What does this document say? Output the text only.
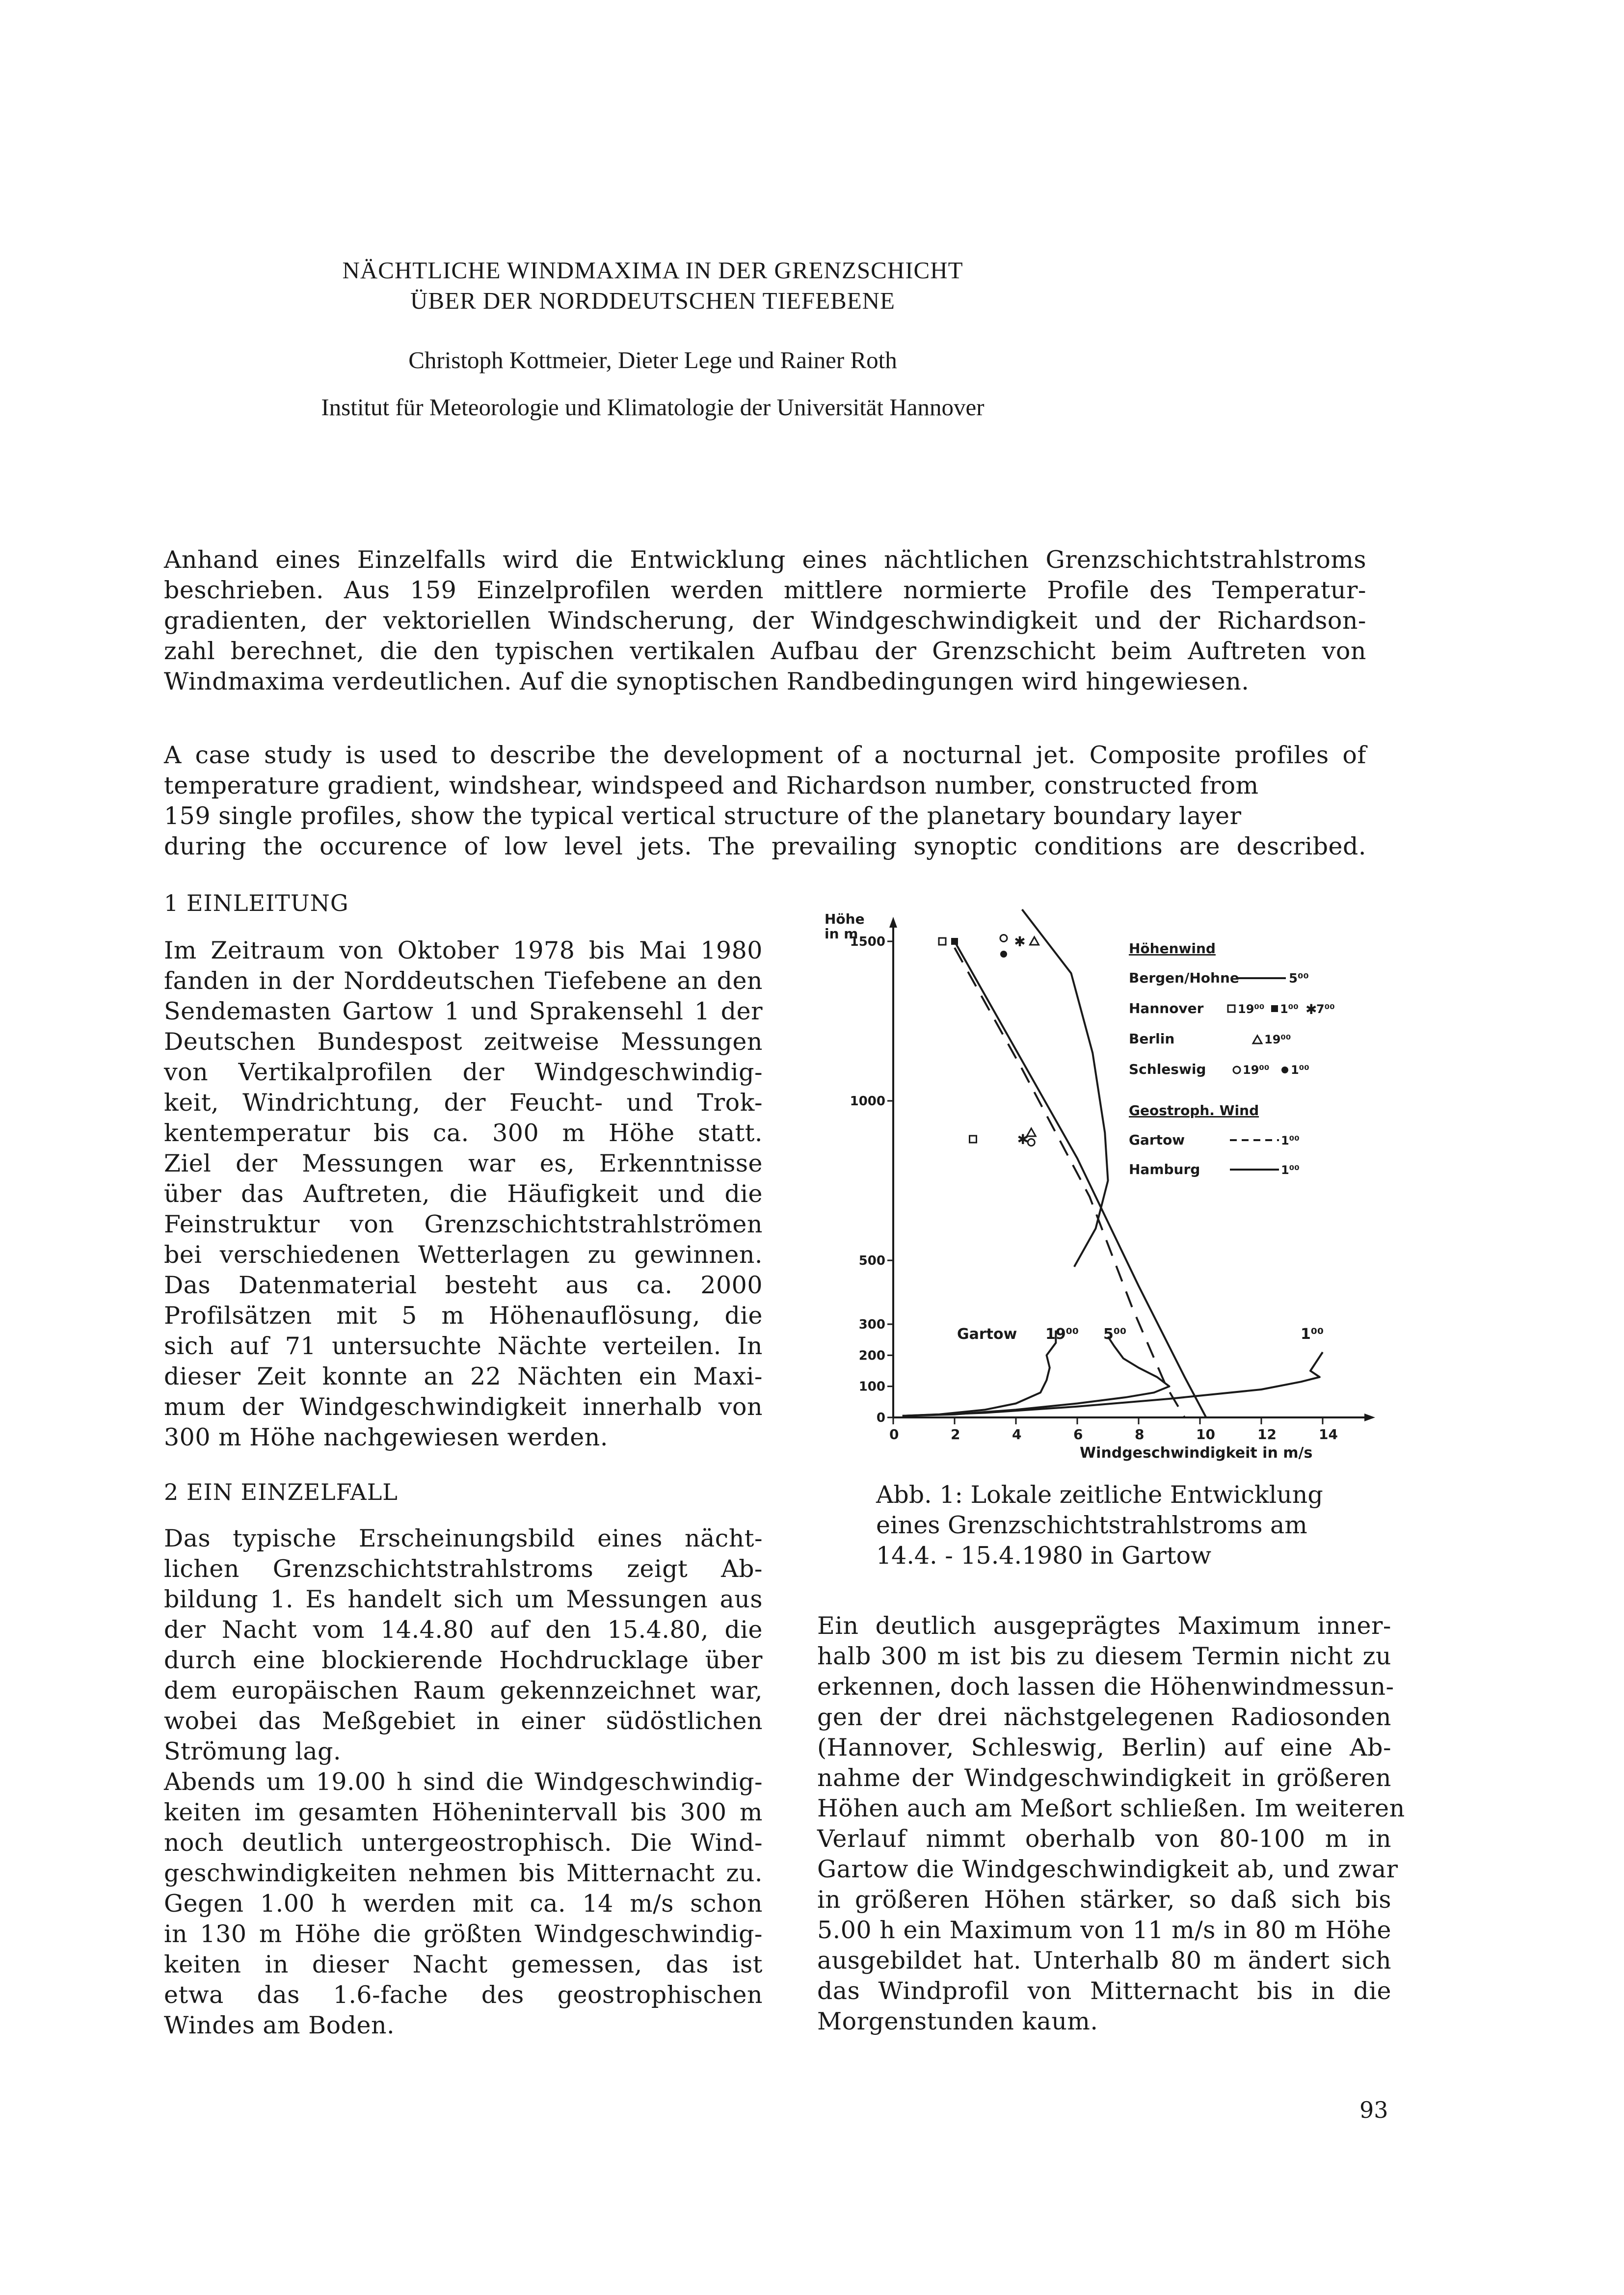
NÄCHTLICHE WINDMAXIMA IN DER GRENZSCHICHT
ÜBER DER NORDDEUTSCHEN TIEFEBENE
Christoph Kottmeier, Dieter Lege und Rainer Roth
Institut für Meteorologie und Klimatologie der Universität Hannover
Anhand eines Einzelfalls wird die Entwicklung eines nächtlichen Grenzschichtstrahlstroms
beschrieben. Aus 159 Einzelprofilen werden mittlere normierte Profile des Temperatur-
gradienten, der vektoriellen Windscherung, der Windgeschwindigkeit und der Richardson-
zahl berechnet, die den typischen vertikalen Aufbau der Grenzschicht beim Auftreten von
Windmaxima verdeutlichen. Auf die synoptischen Randbedingungen wird hingewiesen.
A case study is used to describe the development of a nocturnal jet. Composite profiles of
temperature gradient, windshear, windspeed and Richardson number, constructed from
159 single profiles, show the typical vertical structure of the planetary boundary layer
during the occurence of low level jets. The prevailing synoptic conditions are described.
1 EINLEITUNG
Im Zeitraum von Oktober 1978 bis Mai 1980
fanden in der Norddeutschen Tiefebene an den
Sendemasten Gartow 1 und Sprakensehl 1 der
Deutschen Bundespost zeitweise Messungen
von Vertikalprofilen der Windgeschwindig-
keit, Windrichtung, der Feucht- und Trok-
kentemperatur bis ca. 300 m Höhe statt.
Ziel der Messungen war es, Erkenntnisse
über das Auftreten, die Häufigkeit und die
Feinstruktur von Grenzschichtstrahlströmen
bei verschiedenen Wetterlagen zu gewinnen.
Das Datenmaterial besteht aus ca. 2000
Profilsätzen mit 5 m Höhenauflösung, die
sich auf 71 untersuchte Nächte verteilen. In
dieser Zeit konnte an 22 Nächten ein Maxi-
mum der Windgeschwindigkeit innerhalb von
300 m Höhe nachgewiesen werden.
2 EIN EINZELFALL
Das typische Erscheinungsbild eines nächt-
lichen Grenzschichtstrahlstroms zeigt Ab-
bildung 1. Es handelt sich um Messungen aus
der Nacht vom 14.4.80 auf den 15.4.80, die
durch eine blockierende Hochdrucklage über
dem europäischen Raum gekennzeichnet war,
wobei das Meßgebiet in einer südöstlichen
Strömung lag.
Abends um 19.00 h sind die Windgeschwindig-
keiten im gesamten Höhenintervall bis 300 m
noch deutlich untergeostrophisch. Die Wind-
geschwindigkeiten nehmen bis Mitternacht zu.
Gegen 1.00 h werden mit ca. 14 m/s schon
in 130 m Höhe die größten Windgeschwindig-
keiten in dieser Nacht gemessen, das ist
etwa das 1.6-fache des geostrophischen
Windes am Boden.
Höhe
in m
Windgeschwindigkeit in m/s
0	2	4	6	8	10	12	14
0
100
200
300
500
1000
1500	✱
✱
Gartow 19⁰⁰ 5⁰⁰	1⁰⁰
Höhenwind
Bergen/Hohne	5⁰⁰
Hannover	19⁰⁰ 1⁰⁰ ✱
7⁰⁰
Berlin	19⁰⁰
Schleswig	19⁰⁰ 1⁰⁰
Geostroph. Wind
Gartow	1⁰⁰
Hamburg	1⁰⁰
Abb. 1: Lokale zeitliche Entwicklung
eines Grenzschichtstrahlstroms am
14.4. - 15.4.1980 in Gartow
Ein deutlich ausgeprägtes Maximum inner-
halb 300 m ist bis zu diesem Termin nicht zu
erkennen, doch lassen die Höhenwindmessun-
gen der drei nächstgelegenen Radiosonden
(Hannover, Schleswig, Berlin) auf eine Ab-
nahme der Windgeschwindigkeit in größeren
Höhen auch am Meßort schließen. Im weiteren
Verlauf nimmt oberhalb von 80-100 m in
Gartow die Windgeschwindigkeit ab, und zwar
in größeren Höhen stärker, so daß sich bis
5.00 h ein Maximum von 11 m/s in 80 m Höhe
ausgebildet hat. Unterhalb 80 m ändert sich
das Windprofil von Mitternacht bis in die
Morgenstunden kaum.
93
